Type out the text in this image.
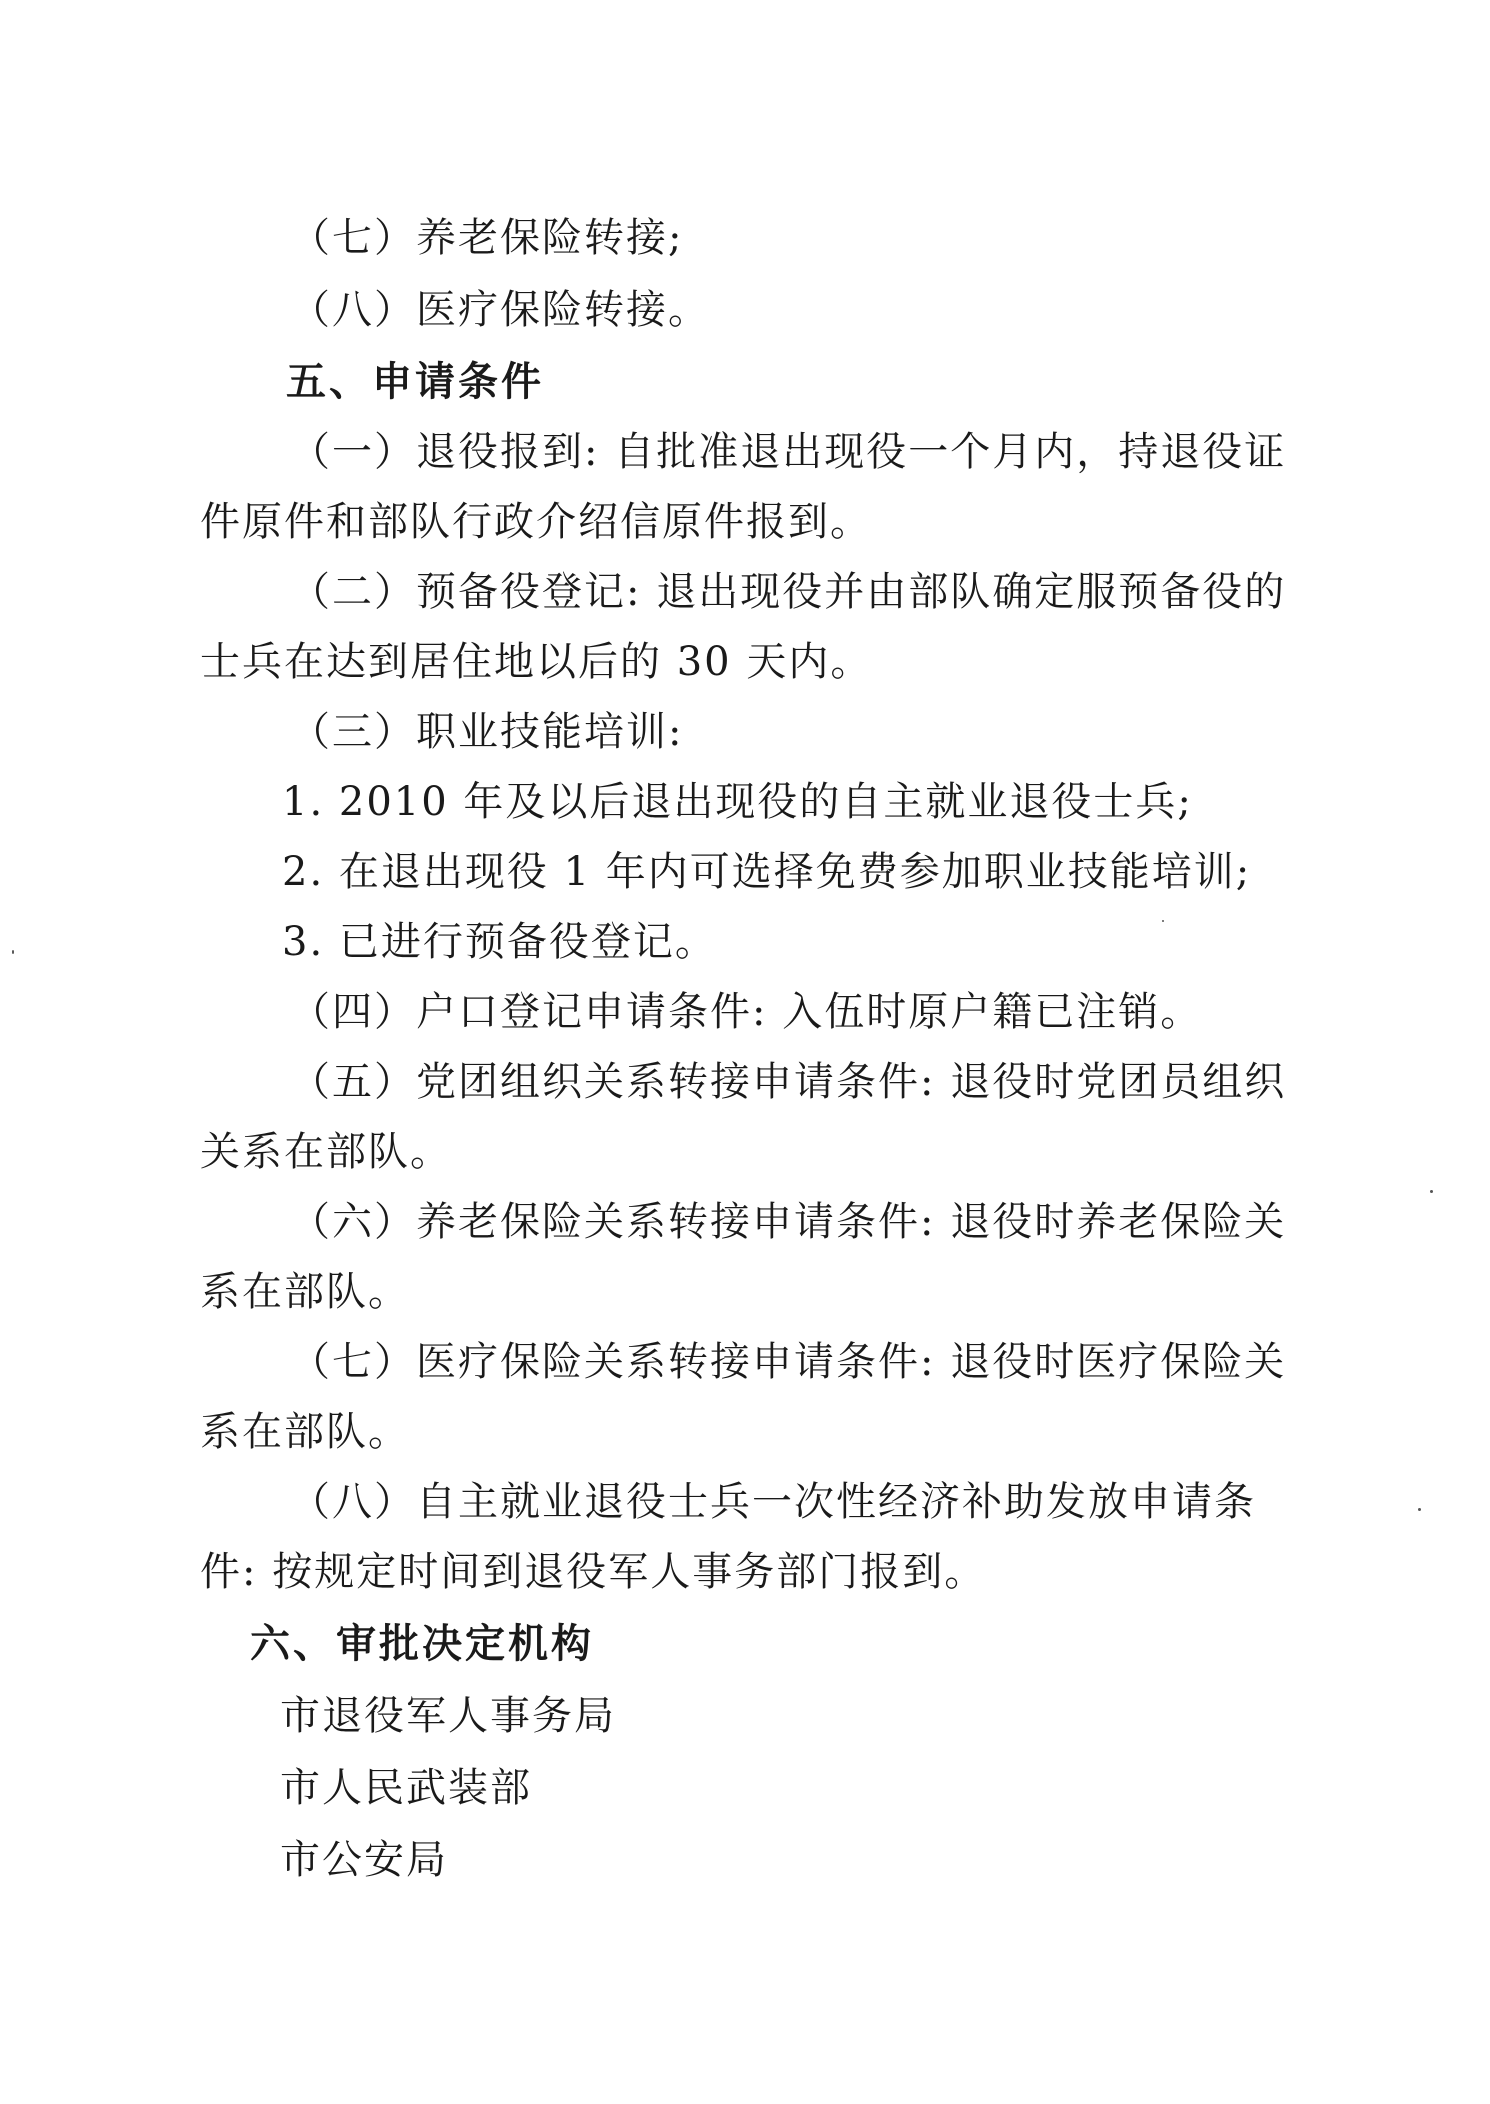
（七）养老保险转接;
（八）医疗保险转接。
五、申请条件
（一）退役报到: 自批准退出现役一个月内，持退役证
件原件和部队行政介绍信原件报到。
（二）预备役登记: 退出现役并由部队确定服预备役的
士兵在达到居住地以后的 30 天内。
（三）职业技能培训:
1. 2010 年及以后退出现役的自主就业退役士兵;
2. 在退出现役 1 年内可选择免费参加职业技能培训;
3. 已进行预备役登记。
（四）户口登记申请条件: 入伍时原户籍已注销。
（五）党团组织关系转接申请条件: 退役时党团员组织
关系在部队。
（六）养老保险关系转接申请条件: 退役时养老保险关
系在部队。
（七）医疗保险关系转接申请条件: 退役时医疗保险关
系在部队。
（八）自主就业退役士兵一次性经济补助发放申请条
件: 按规定时间到退役军人事务部门报到。
六、审批决定机构
市退役军人事务局
市人民武装部
市公安局
